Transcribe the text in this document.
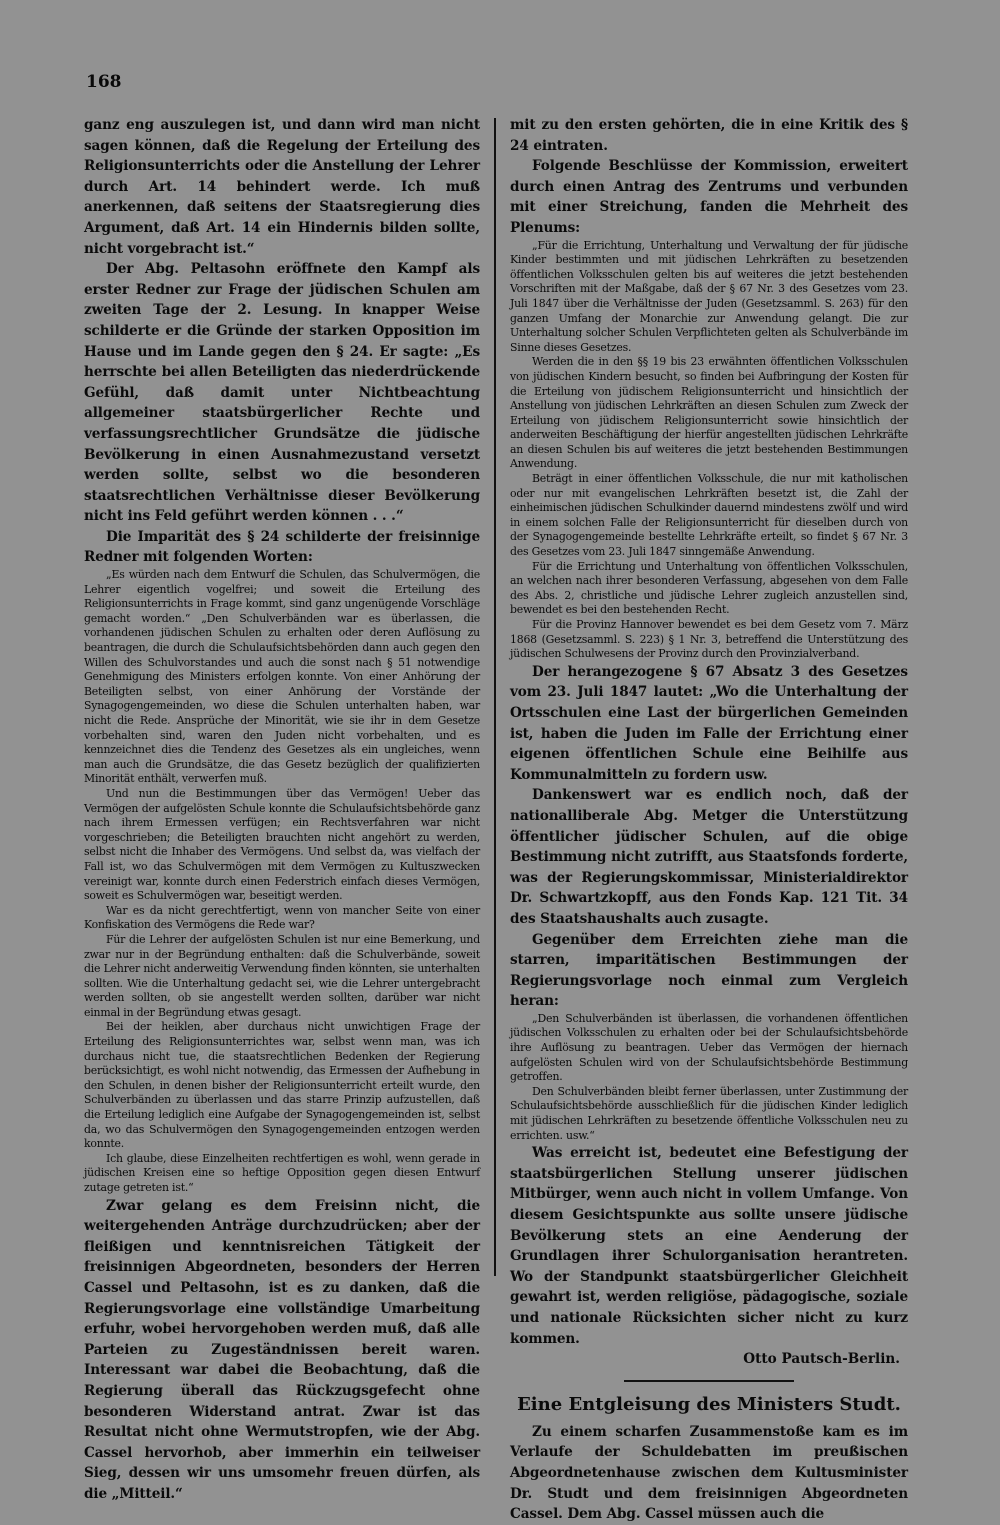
168

ganz eng auszulegen ist, und dann wird man nicht sagen können, daß die Regelung der Erteilung des Religionsunterrichts oder die Anstellung der Lehrer durch Art. 14 behindert werde. Ich muß anerkennen, daß seitens der Staatsregierung dies Argument, daß Art. 14 ein Hindernis bilden sollte, nicht vorgebracht ist.“

Der Abg. Peltasohn eröffnete den Kampf als erster Redner zur Frage der jüdischen Schulen am zweiten Tage der 2. Lesung. In knapper Weise schilderte er die Gründe der starken Opposition im Hause und im Lande gegen den § 24. Er sagte: „Es herrschte bei allen Beteiligten das niederdrückende Gefühl, daß damit unter Nichtbeachtung allgemeiner staatsbürgerlicher Rechte und verfassungsrechtlicher Grundsätze die jüdische Bevölkerung in einen Ausnahmezustand versetzt werden sollte, selbst wo die besonderen staatsrechtlichen Verhältnisse dieser Bevölkerung nicht ins Feld geführt werden können . . .“

Die Imparität des § 24 schilderte der freisinnige Redner mit folgenden Worten:

„Es würden nach dem Entwurf die Schulen, das Schulvermögen, die Lehrer eigentlich vogelfrei; und soweit die Erteilung des Religionsunterrichts in Frage kommt, sind ganz ungenügende Vorschläge gemacht worden.“ „Den Schulverbänden war es überlassen, die vorhandenen jüdischen Schulen zu erhalten oder deren Auflösung zu beantragen, die durch die Schulaufsichtsbehörden dann auch gegen den Willen des Schulvorstandes und auch die sonst nach § 51 notwendige Genehmigung des Ministers erfolgen konnte. Von einer Anhörung der Beteiligten selbst, von einer Anhörung der Vorstände der Synagogengemeinden, wo diese die Schulen unterhalten haben, war nicht die Rede. Ansprüche der Minorität, wie sie ihr in dem Gesetze vorbehalten sind, waren den Juden nicht vorbehalten, und es kennzeichnet dies die Tendenz des Gesetzes als ein ungleiches, wenn man auch die Grundsätze, die das Gesetz bezüglich der qualifizierten Minorität enthält, verwerfen muß.

Und nun die Bestimmungen über das Vermögen! Ueber das Vermögen der aufgelösten Schule konnte die Schulaufsichtsbehörde ganz nach ihrem Ermessen verfügen; ein Rechtsverfahren war nicht vorgeschrieben; die Beteiligten brauchten nicht angehört zu werden, selbst nicht die Inhaber des Vermögens. Und selbst da, was vielfach der Fall ist, wo das Schulvermögen mit dem Vermögen zu Kultuszwecken vereinigt war, konnte durch einen Federstrich einfach dieses Vermögen, soweit es Schulvermögen war, beseitigt werden.

War es da nicht gerechtfertigt, wenn von mancher Seite von einer Konfiskation des Vermögens die Rede war?

Für die Lehrer der aufgelösten Schulen ist nur eine Bemerkung, und zwar nur in der Begründung enthalten: daß die Schulverbände, soweit die Lehrer nicht anderweitig Verwendung finden könnten, sie unterhalten sollten. Wie die Unterhaltung gedacht sei, wie die Lehrer untergebracht werden sollten, ob sie angestellt werden sollten, darüber war nicht einmal in der Begründung etwas gesagt.

Bei der heiklen, aber durchaus nicht unwichtigen Frage der Erteilung des Religionsunterrichtes war, selbst wenn man, was ich durchaus nicht tue, die staatsrechtlichen Bedenken der Regierung berücksichtigt, es wohl nicht notwendig, das Ermessen der Aufhebung in den Schulen, in denen bisher der Religionsunterricht erteilt wurde, den Schulverbänden zu überlassen und das starre Prinzip aufzustellen, daß die Erteilung lediglich eine Aufgabe der Synagogengemeinden ist, selbst da, wo das Schulvermögen den Synagogengemeinden entzogen werden konnte.

Ich glaube, diese Einzelheiten rechtfertigen es wohl, wenn gerade in jüdischen Kreisen eine so heftige Opposition gegen diesen Entwurf zutage getreten ist.“

Zwar gelang es dem Freisinn nicht, die weitergehenden Anträge durchzudrücken; aber der fleißigen und kenntnisreichen Tätigkeit der freisinnigen Abgeordneten, besonders der Herren Cassel und Peltasohn, ist es zu danken, daß die Regierungsvorlage eine vollständige Umarbeitung erfuhr, wobei hervorgehoben werden muß, daß alle Parteien zu Zugeständnissen bereit waren. Interessant war dabei die Beobachtung, daß die Regierung überall das Rückzugsgefecht ohne besonderen Widerstand antrat. Zwar ist das Resultat nicht ohne Wermutstropfen, wie der Abg. Cassel hervorhob, aber immerhin ein teilweiser Sieg, dessen wir uns umsomehr freuen dürfen, als die „Mitteil.“

mit zu den ersten gehörten, die in eine Kritik des § 24 eintraten.

Folgende Beschlüsse der Kommission, erweitert durch einen Antrag des Zentrums und verbunden mit einer Streichung, fanden die Mehrheit des Plenums:

„Für die Errichtung, Unterhaltung und Verwaltung der für jüdische Kinder bestimmten und mit jüdischen Lehrkräften zu besetzenden öffentlichen Volksschulen gelten bis auf weiteres die jetzt bestehenden Vorschriften mit der Maßgabe, daß der § 67 Nr. 3 des Gesetzes vom 23. Juli 1847 über die Verhältnisse der Juden (Gesetzsamml. S. 263) für den ganzen Umfang der Monarchie zur Anwendung gelangt. Die zur Unterhaltung solcher Schulen Verpflichteten gelten als Schulverbände im Sinne dieses Gesetzes.

Werden die in den §§ 19 bis 23 erwähnten öffentlichen Volksschulen von jüdischen Kindern besucht, so finden bei Aufbringung der Kosten für die Erteilung von jüdischem Religionsunterricht und hinsichtlich der Anstellung von jüdischen Lehrkräften an diesen Schulen zum Zweck der Erteilung von jüdischem Religionsunterricht sowie hinsichtlich der anderweiten Beschäftigung der hierfür angestellten jüdischen Lehrkräfte an diesen Schulen bis auf weiteres die jetzt bestehenden Bestimmungen Anwendung.

Beträgt in einer öffentlichen Volksschule, die nur mit katholischen oder nur mit evangelischen Lehrkräften besetzt ist, die Zahl der einheimischen jüdischen Schulkinder dauernd mindestens zwölf und wird in einem solchen Falle der Religionsunterricht für dieselben durch von der Synagogengemeinde bestellte Lehrkräfte erteilt, so findet § 67 Nr. 3 des Gesetzes vom 23. Juli 1847 sinngemäße Anwendung.

Für die Errichtung und Unterhaltung von öffentlichen Volksschulen, an welchen nach ihrer besonderen Verfassung, abgesehen von dem Falle des Abs. 2, christliche und jüdische Lehrer zugleich anzustellen sind, bewendet es bei den bestehenden Recht.

Für die Provinz Hannover bewendet es bei dem Gesetz vom 7. März 1868 (Gesetzsamml. S. 223) § 1 Nr. 3, betreffend die Unterstützung des jüdischen Schulwesens der Provinz durch den Provinzialverband.

Der herangezogene § 67 Absatz 3 des Gesetzes vom 23. Juli 1847 lautet: „Wo die Unterhaltung der Ortsschulen eine Last der bürgerlichen Gemeinden ist, haben die Juden im Falle der Errichtung einer eigenen öffentlichen Schule eine Beihilfe aus Kommunalmitteln zu fordern usw.

Dankenswert war es endlich noch, daß der nationalliberale Abg. Metger die Unterstützung öffentlicher jüdischer Schulen, auf die obige Bestimmung nicht zutrifft, aus Staatsfonds forderte, was der Regierungskommissar, Ministerialdirektor Dr. Schwartzkopff, aus den Fonds Kap. 121 Tit. 34 des Staatshaushalts auch zusagte.

Gegenüber dem Erreichten ziehe man die starren, imparitätischen Bestimmungen der Regierungsvorlage noch einmal zum Vergleich heran:

„Den Schulverbänden ist überlassen, die vorhandenen öffentlichen jüdischen Volksschulen zu erhalten oder bei der Schulaufsichtsbehörde ihre Auflösung zu beantragen. Ueber das Vermögen der hiernach aufgelösten Schulen wird von der Schulaufsichtsbehörde Bestimmung getroffen.

Den Schulverbänden bleibt ferner überlassen, unter Zustimmung der Schulaufsichtsbehörde ausschließlich für die jüdischen Kinder lediglich mit jüdischen Lehrkräften zu besetzende öffentliche Volksschulen neu zu errichten. usw.“

Was erreicht ist, bedeutet eine Befestigung der staatsbürgerlichen Stellung unserer jüdischen Mitbürger, wenn auch nicht in vollem Umfange. Von diesem Gesichtspunkte aus sollte unsere jüdische Bevölkerung stets an eine Aenderung der Grundlagen ihrer Schulorganisation herantreten. Wo der Standpunkt staatsbürgerlicher Gleichheit gewahrt ist, werden religiöse, pädagogische, soziale und nationale Rücksichten sicher nicht zu kurz kommen.

Otto Pautsch-Berlin.
Eine Entgleisung des Ministers Studt.

Zu einem scharfen Zusammenstoße kam es im Verlaufe der Schuldebatten im preußischen Abgeordnetenhause zwischen dem Kultusminister Dr. Studt und dem freisinnigen Abgeordneten Cassel. Dem Abg. Cassel müssen auch die
